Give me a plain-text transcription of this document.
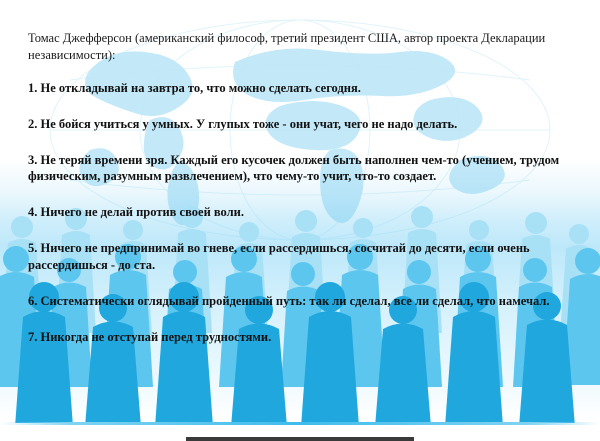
Томас Джефферсон (американский философ, третий президент США, автор проекта Декларации независимости):

1. Не откладывай на завтра то, что можно сделать сегодня.

2. Не бойся учиться у умных. У глупых тоже - они учат, чего не надо делать.

3. Не теряй времени зря. Каждый его кусочек должен быть наполнен чем-то (учением, трудом физическим, разумным развлечением), что чему-то учит, что-то создает.

4. Ничего не делай против своей воли.

5. Ничего не предпринимай во гневе, если рассердишься, сосчитай до десяти, если очень рассердишься - до ста.

6. Систематически оглядывай пройденный путь: так ли сделал, все ли сделал, что намечал.

7. Никогда не отступай перед трудностями.
